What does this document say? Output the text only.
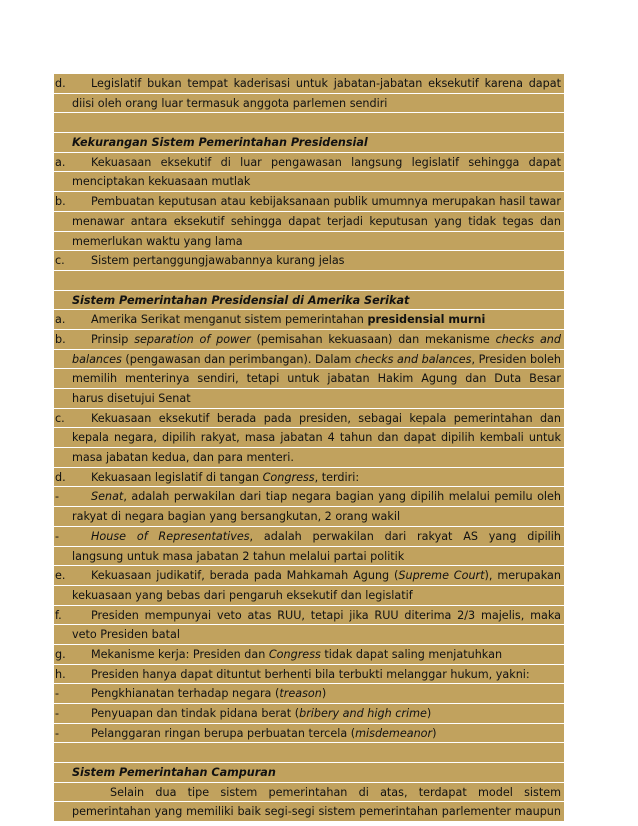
d.	Legislatif bukan tempat kaderisasi untuk jabatan-jabatan eksekutif karena dapat
diisi oleh orang luar termasuk anggota parlemen sendiri
Kekurangan Sistem Pemerintahan Presidensial
a.	Kekuasaan eksekutif di luar pengawasan langsung legislatif sehingga dapat
menciptakan kekuasaan mutlak
b.	Pembuatan keputusan atau kebijaksanaan publik umumnya merupakan hasil tawar
menawar antara eksekutif sehingga dapat terjadi keputusan yang tidak tegas dan
memerlukan waktu yang lama
c.	Sistem pertanggungjawabannya kurang jelas
Sistem Pemerintahan Presidensial di Amerika Serikat
a.	Amerika Serikat menganut sistem pemerintahan presidensial murni
b.	Prinsip separation of power (pemisahan kekuasaan) dan mekanisme checks and
balances (pengawasan dan perimbangan). Dalam checks and balances, Presiden boleh
memilih menterinya sendiri, tetapi untuk jabatan Hakim Agung dan Duta Besar
harus disetujui Senat
c.	Kekuasaan eksekutif berada pada presiden, sebagai kepala pemerintahan dan
kepala negara, dipilih rakyat, masa jabatan 4 tahun dan dapat dipilih kembali untuk
masa jabatan kedua, dan para menteri.
d.	Kekuasaan legislatif di tangan Congress, terdiri:
-	Senat, adalah perwakilan dari tiap negara bagian yang dipilih melalui pemilu oleh
rakyat di negara bagian yang bersangkutan, 2 orang wakil
-	House of Representatives, adalah perwakilan dari rakyat AS yang dipilih
langsung untuk masa jabatan 2 tahun melalui partai politik
e.	Kekuasaan judikatif, berada pada Mahkamah Agung (Supreme Court), merupakan
kekuasaan yang bebas dari pengaruh eksekutif dan legislatif
f.	Presiden mempunyai veto atas RUU, tetapi jika RUU diterima 2/3 majelis, maka
veto Presiden batal
g.	Mekanisme kerja: Presiden dan Congress tidak dapat saling menjatuhkan
h.	Presiden hanya dapat dituntut berhenti bila terbukti melanggar hukum, yakni:
-	Pengkhianatan terhadap negara (treason)
-	Penyuapan dan tindak pidana berat (bribery and high crime)
-	Pelanggaran ringan berupa perbuatan tercela (misdemeanor)
Sistem Pemerintahan Campuran
Selain dua tipe sistem pemerintahan di atas, terdapat model sistem
pemerintahan yang memiliki baik segi-segi sistem pemerintahan parlementer maupun
